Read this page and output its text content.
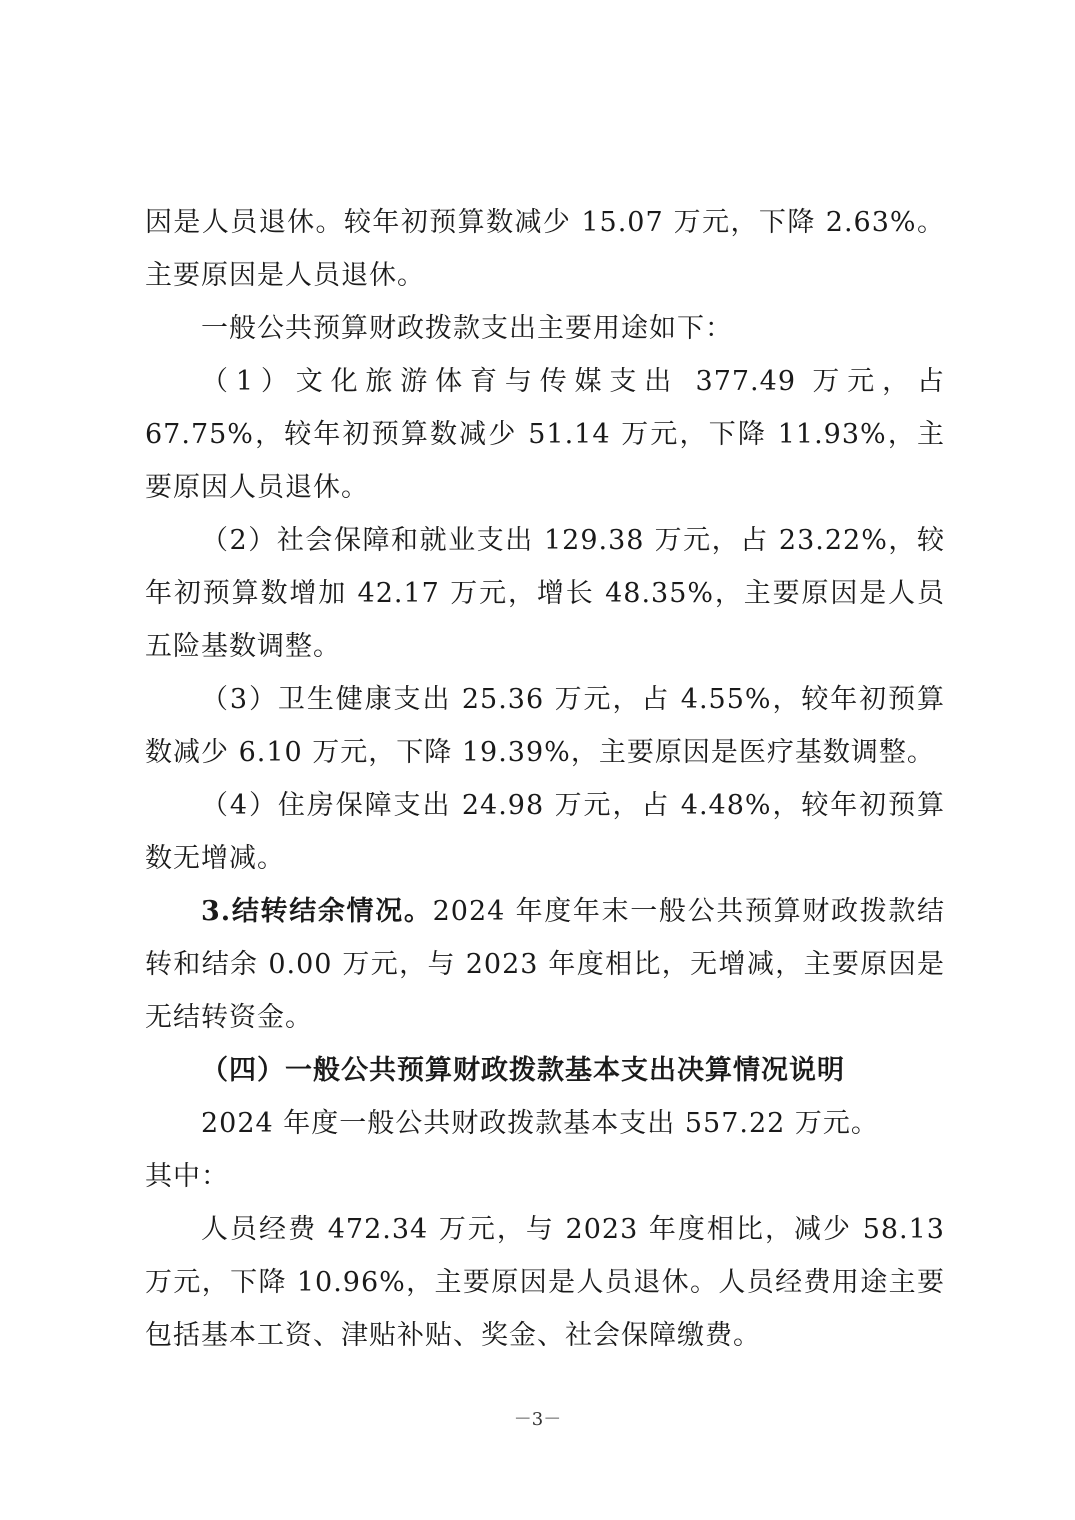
因是人员退休。较年初预算数减少 15.07 万元，下降 2.63%。主要原因是人员退休。

一般公共预算财政拨款支出主要用途如下：

（1）文化旅游体育与传媒支出 377.49 万元，占 67.75%，较年初预算数减少 51.14 万元，下降 11.93%，主要原因人员退休。

（2）社会保障和就业支出 129.38 万元，占 23.22%，较年初预算数增加 42.17 万元，增长 48.35%，主要原因是人员五险基数调整。

（3）卫生健康支出 25.36 万元，占 4.55%，较年初预算数减少 6.10 万元，下降 19.39%，主要原因是医疗基数调整。

（4）住房保障支出 24.98 万元，占 4.48%，较年初预算数无增减。

3.结转结余情况。2024 年度年末一般公共预算财政拨款结转和结余 0.00 万元，与 2023 年度相比，无增减，主要原因是无结转资金。

（四）一般公共预算财政拨款基本支出决算情况说明

2024 年度一般公共财政拨款基本支出 557.22 万元。

其中：

人员经费 472.34 万元，与 2023 年度相比，减少 58.13 万元，下降 10.96%，主要原因是人员退休。人员经费用途主要包括基本工资、津贴补贴、奖金、社会保障缴费。

－3－
